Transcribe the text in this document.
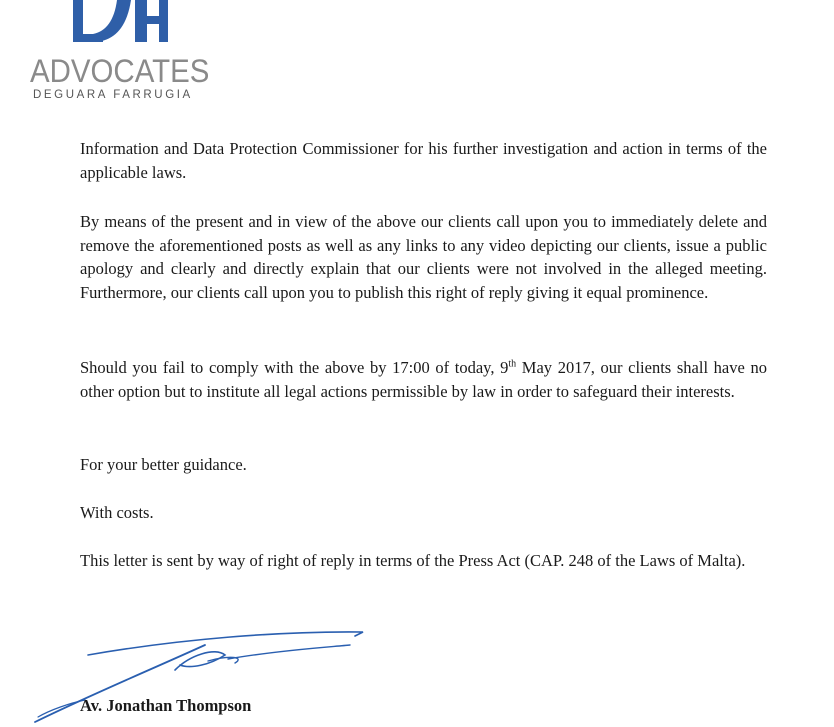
ADVOCATES
DEGUARA FARRUGIA

Information and Data Protection Commissioner for his further investigation and action in terms of the applicable laws.

By means of the present and in view of the above our clients call upon you to immediately delete and remove the aforementioned posts as well as any links to any video depicting our clients, issue a public apology and clearly and directly explain that our clients were not involved in the alleged meeting. Furthermore, our clients call upon you to publish this right of reply giving it equal prominence.

Should you fail to comply with the above by 17:00 of today, 9th May 2017, our clients shall have no other option but to institute all legal actions permissible by law in order to safeguard their interests.

For your better guidance.

With costs.

This letter is sent by way of right of reply in terms of the Press Act (CAP. 248 of the Laws of Malta).

Av. Jonathan Thompson
